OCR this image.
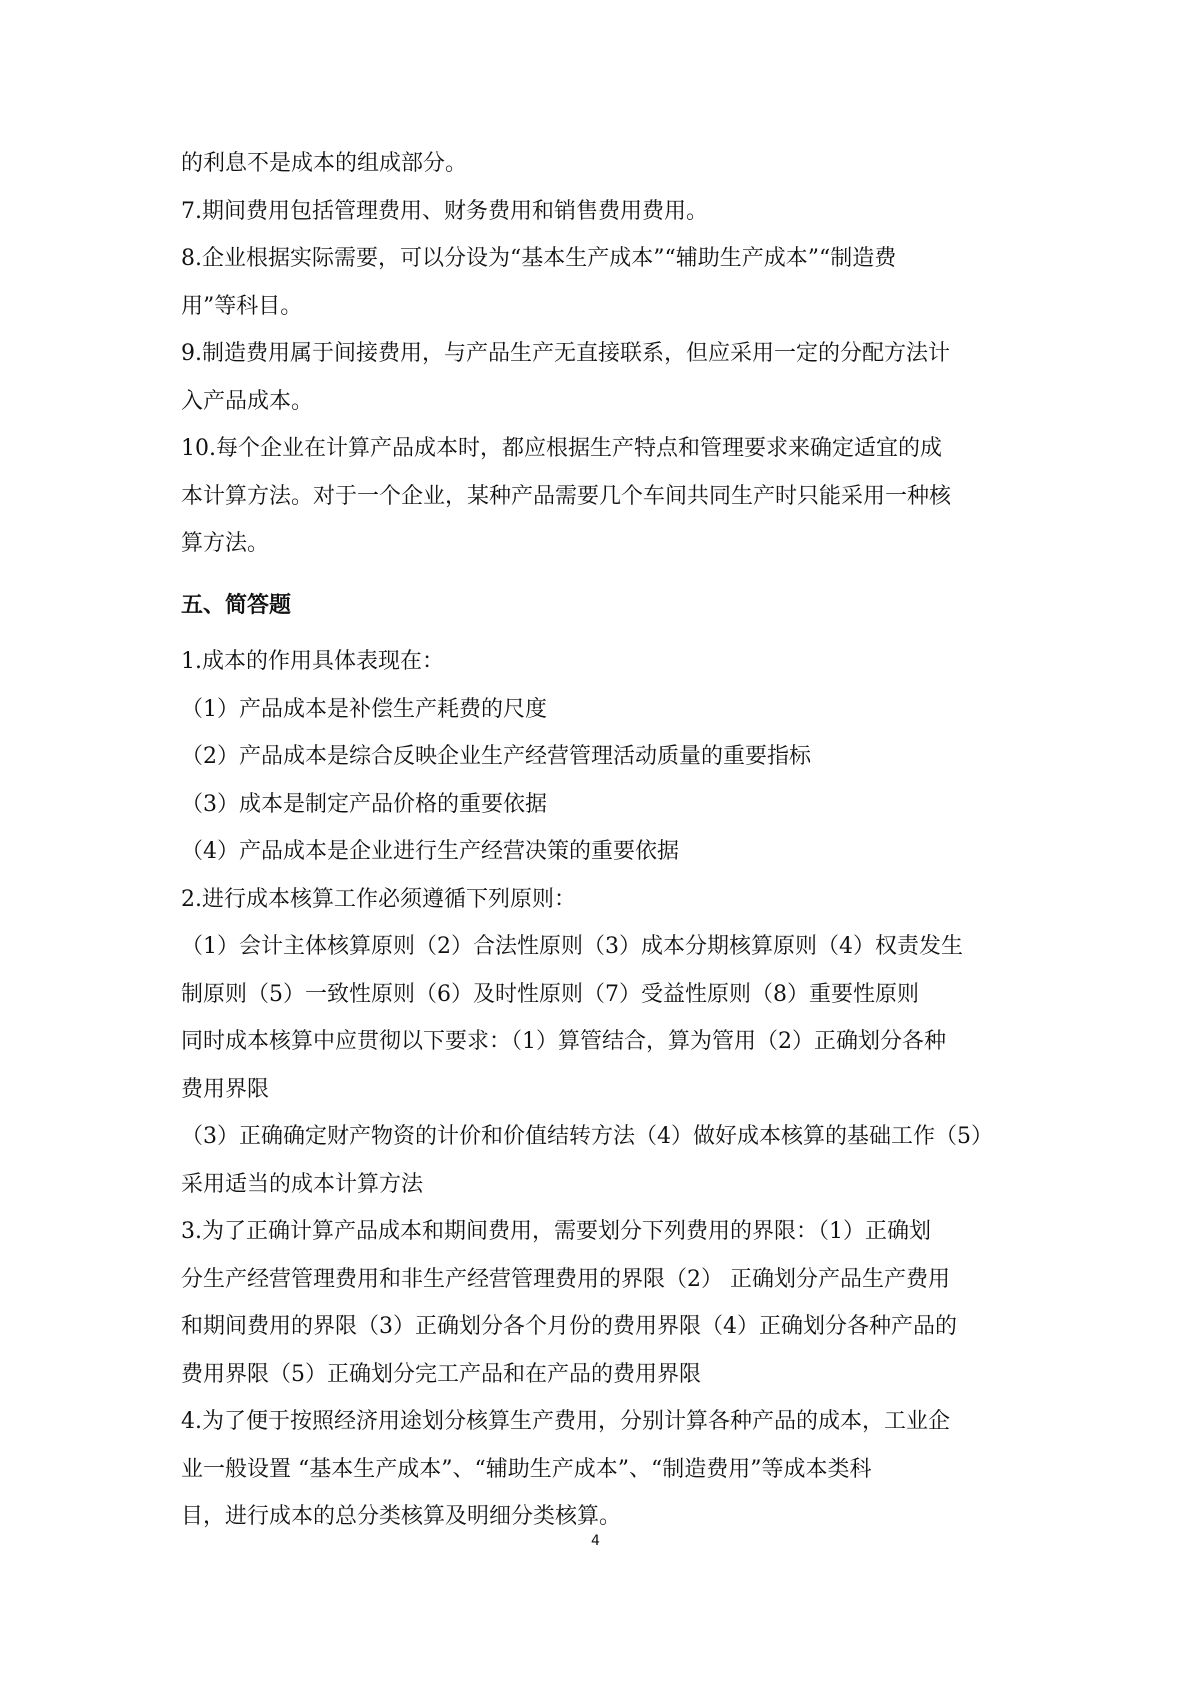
的利息不是成本的组成部分。

7.期间费用包括管理费用、财务费用和销售费用费用。

8.企业根据实际需要，可以分设为“基本生产成本”“辅助生产成本”“制造费

用”等科目。

9.制造费用属于间接费用，与产品生产无直接联系，但应采用一定的分配方法计

入产品成本。

10.每个企业在计算产品成本时，都应根据生产特点和管理要求来确定适宜的成

本计算方法。对于一个企业，某种产品需要几个车间共同生产时只能采用一种核

算方法。

五、简答题

1.成本的作用具体表现在：

（1）产品成本是补偿生产耗费的尺度

（2）产品成本是综合反映企业生产经营管理活动质量的重要指标

（3）成本是制定产品价格的重要依据

（4）产品成本是企业进行生产经营决策的重要依据

2.进行成本核算工作必须遵循下列原则：

（1）会计主体核算原则（2）合法性原则（3）成本分期核算原则（4）权责发生

制原则（5）一致性原则（6）及时性原则（7）受益性原则（8）重要性原则

同时成本核算中应贯彻以下要求：（1）算管结合，算为管用（2）正确划分各种

费用界限

（3）正确确定财产物资的计价和价值结转方法（4）做好成本核算的基础工作（5）

采用适当的成本计算方法

3.为了正确计算产品成本和期间费用，需要划分下列费用的界限：（1）正确划

分生产经营管理费用和非生产经营管理费用的界限（2） 正确划分产品生产费用

和期间费用的界限（3）正确划分各个月份的费用界限（4）正确划分各种产品的

费用界限（5）正确划分完工产品和在产品的费用界限

4.为了便于按照经济用途划分核算生产费用，分别计算各种产品的成本，工业企

业一般设置 “基本生产成本”、“辅助生产成本”、“制造费用”等成本类科

目，进行成本的总分类核算及明细分类核算。

4
